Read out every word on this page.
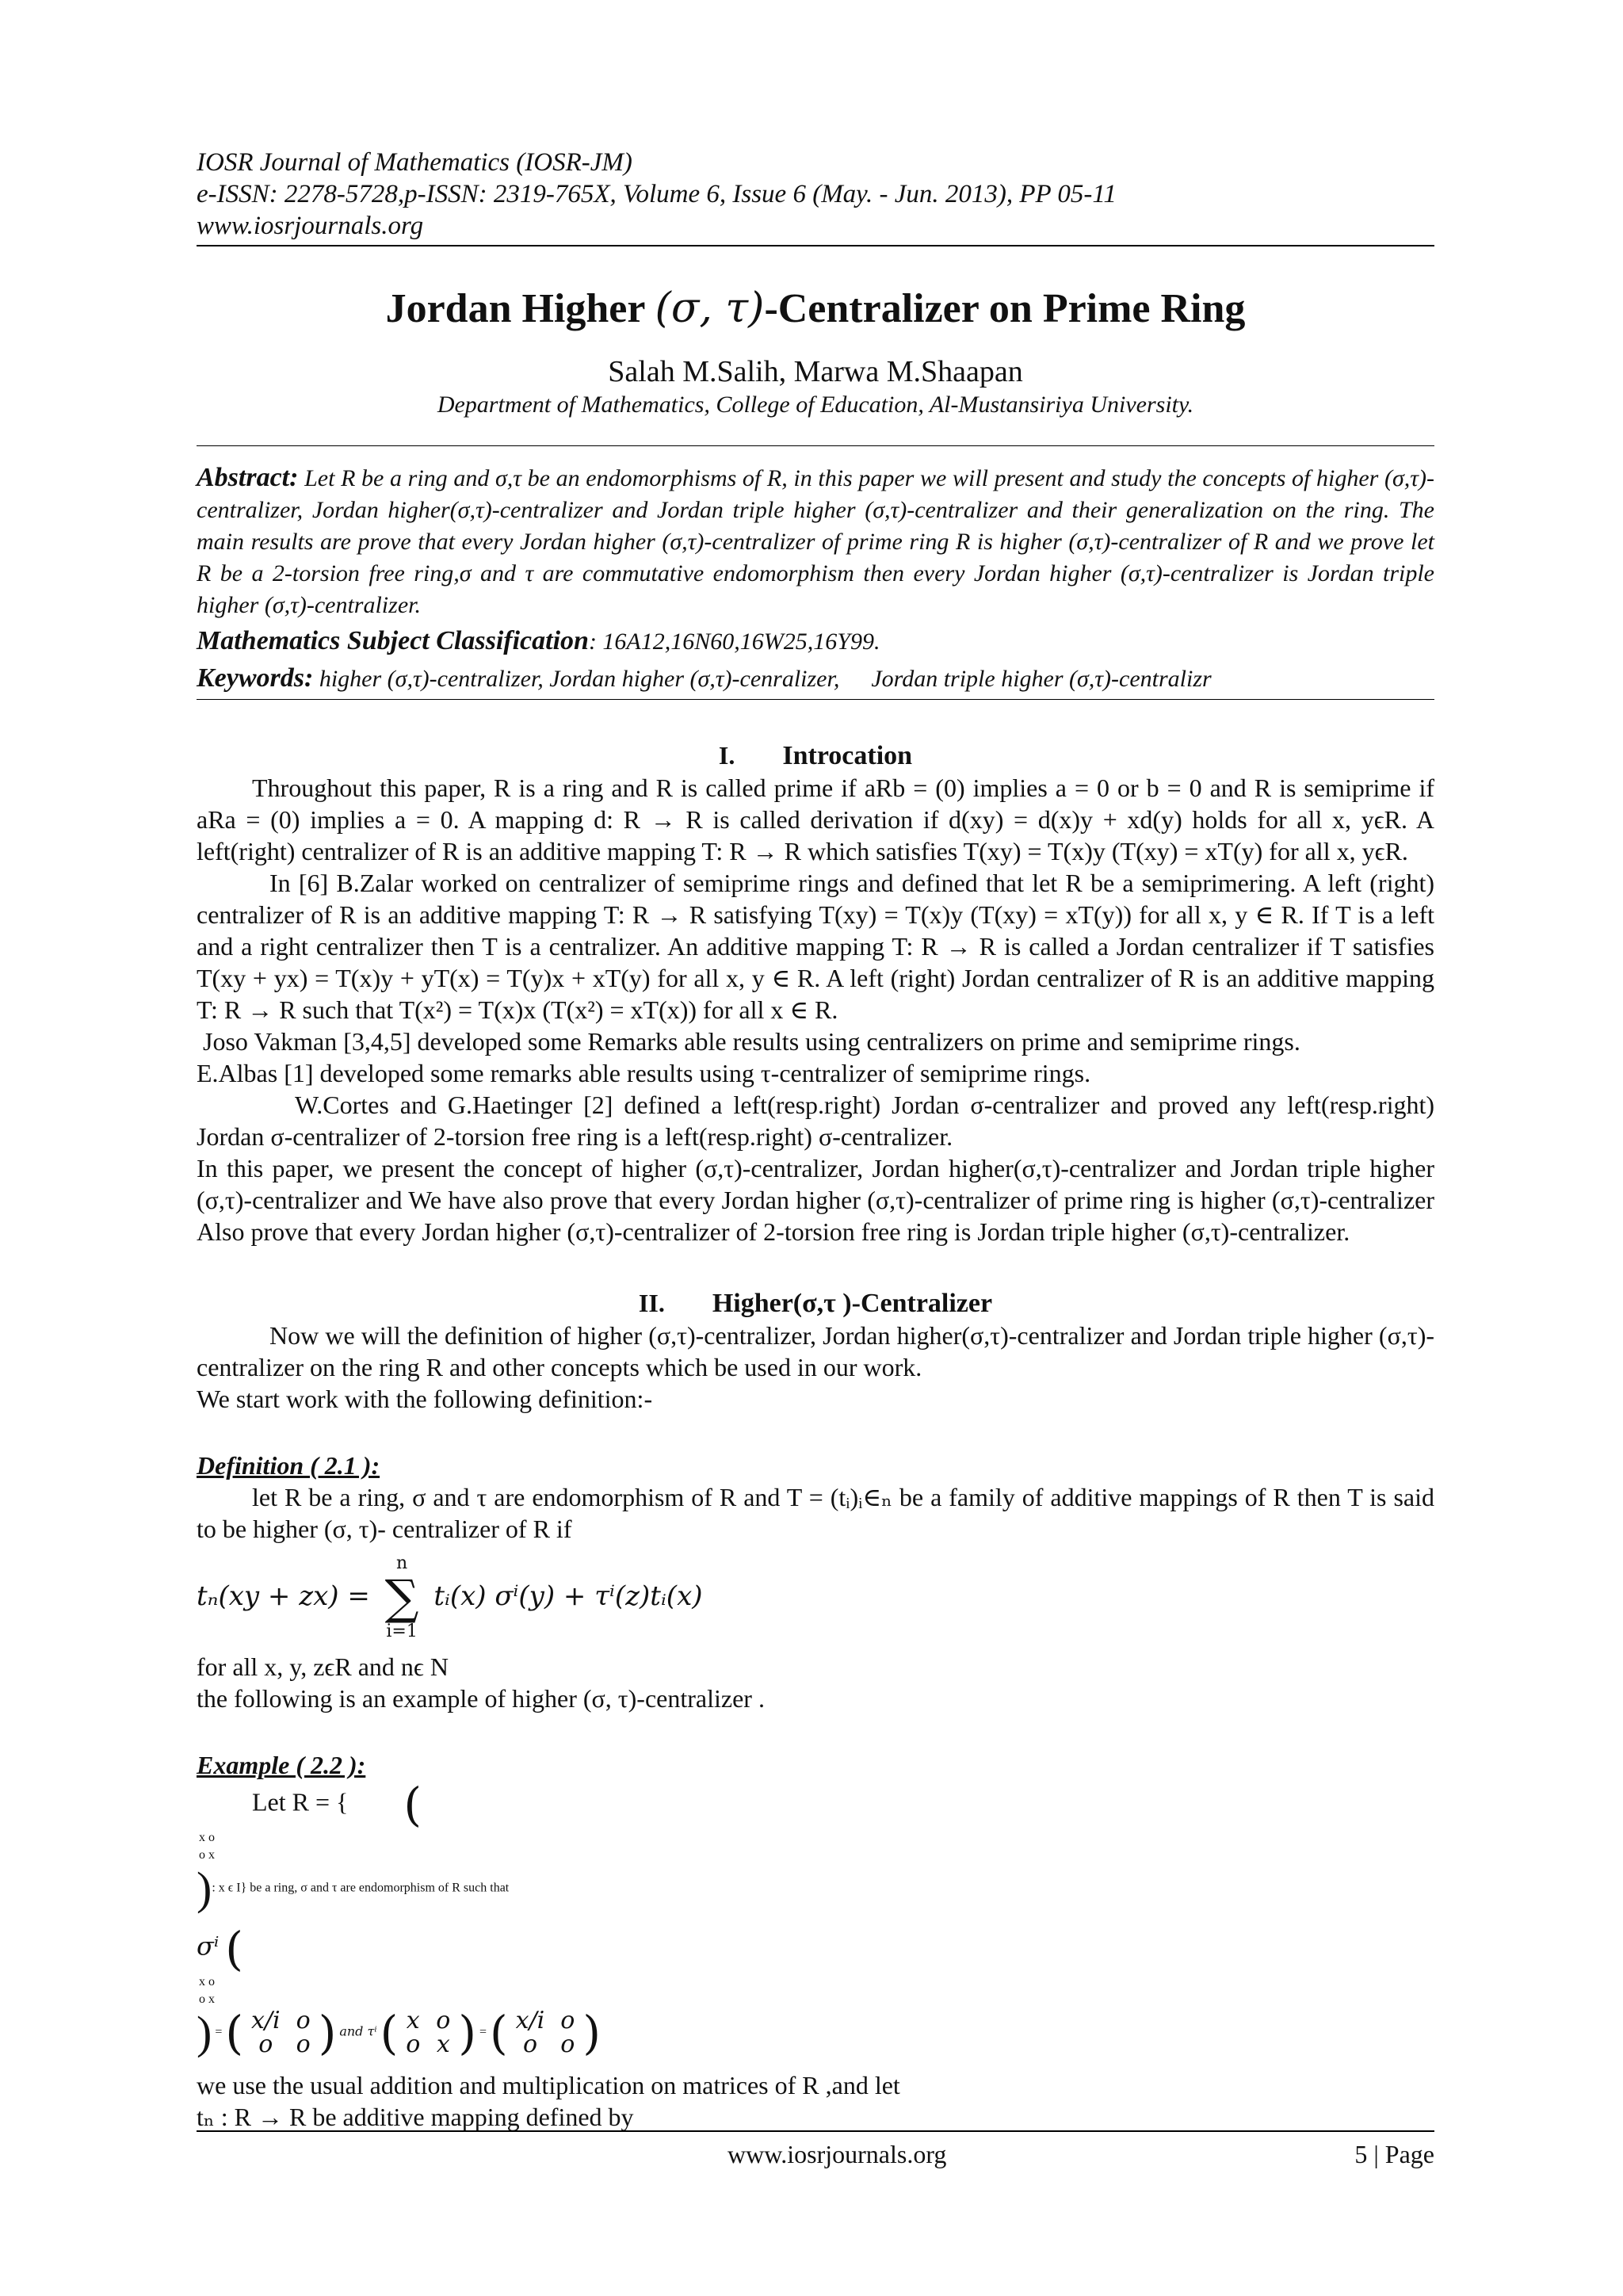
IOSR Journal of Mathematics (IOSR-JM)
e-ISSN: 2278-5728,p-ISSN: 2319-765X, Volume 6, Issue 6 (May. - Jun. 2013), PP 05-11
www.iosrjournals.org
Jordan Higher (σ, τ)-Centralizer on Prime Ring
Salah M.Salih, Marwa M.Shaapan
Department of Mathematics, College of Education, Al-Mustansiriya University.

Abstract: Let R be a ring and σ,τ be an endomorphisms of R, in this paper we will present and study the concepts of higher (σ,τ)-centralizer, Jordan higher(σ,τ)-centralizer and Jordan triple higher (σ,τ)-centralizer and their generalization on the ring. The main results are prove that every Jordan higher (σ,τ)-centralizer of prime ring R is higher (σ,τ)-centralizer of R and we prove let R be a 2-torsion free ring,σ and τ are commutative endomorphism then every Jordan higher (σ,τ)-centralizer is Jordan triple higher (σ,τ)-centralizer.

Mathematics Subject Classification: 16A12,16N60,16W25,16Y99.

Keywords: higher (σ,τ)-centralizer, Jordan higher (σ,τ)-cenralizer, Jordan triple higher (σ,τ)-centralizr

I. Introcation

Throughout this paper, R is a ring and R is called prime if aRb = (0) implies a = 0 or b = 0 and R is semiprime if aRa = (0) implies a = 0. A mapping d: R → R is called derivation if d(xy) = d(x)y + xd(y) holds for all x, yϵR. A left(right) centralizer of R is an additive mapping T: R → R which satisfies T(xy) = T(x)y (T(xy) = xT(y) for all x, yϵR.

In [6] B.Zalar worked on centralizer of semiprime rings and defined that let R be a semiprimering. A left (right) centralizer of R is an additive mapping T: R → R satisfying T(xy) = T(x)y (T(xy) = xT(y)) for all x, y ∈ R. If T is a left and a right centralizer then T is a centralizer. An additive mapping T: R → R is called a Jordan centralizer if T satisfies T(xy + yx) = T(x)y + yT(x) = T(y)x + xT(y) for all x, y ∈ R. A left (right) Jordan centralizer of R is an additive mapping T: R → R such that T(x²) = T(x)x (T(x²) = xT(x)) for all x ∈ R.

Joso Vakman [3,4,5] developed some Remarks able results using centralizers on prime and semiprime rings.

E.Albas [1] developed some remarks able results using τ-centralizer of semiprime rings.

W.Cortes and G.Haetinger [2] defined a left(resp.right) Jordan σ-centralizer and proved any left(resp.right) Jordan σ-centralizer of 2-torsion free ring is a left(resp.right) σ-centralizer.

In this paper, we present the concept of higher (σ,τ)-centralizer, Jordan higher(σ,τ)-centralizer and Jordan triple higher (σ,τ)-centralizer and We have also prove that every Jordan higher (σ,τ)-centralizer of prime ring is higher (σ,τ)-centralizer Also prove that every Jordan higher (σ,τ)-centralizer of 2-torsion free ring is Jordan triple higher (σ,τ)-centralizer.

II. Higher(σ,τ )-Centralizer

Now we will the definition of higher (σ,τ)-centralizer, Jordan higher(σ,τ)-centralizer and Jordan triple higher (σ,τ)-centralizer on the ring R and other concepts which be used in our work.

We start work with the following definition:-

Definition ( 2.1 ):

let R be a ring, σ and τ are endomorphism of R and T = (tᵢ)ᵢ∈ₙ be a family of additive mappings of R then T is said to be higher (σ, τ)- centralizer of R if

tₙ(xy + zx) =
n
∑
i=1
tᵢ(x) σⁱ(y) + τⁱ(z)tᵢ(x)

for all x, y, zϵR and nϵ N

the following is an example of higher (σ, τ)-centralizer .

Example ( 2.2 ):

Let R = { (

x	o
o	x
): x ϵ I} be a ring, σ and τ are endomorphism of R such that

σⁱ (

x	o
o	x
) = ( x/i	o
o	o ) and τⁱ ( x	o
o	x ) = ( x/i	o
o	o )

we use the usual addition and multiplication on matrices of R ,and let

tₙ : R → R be additive mapping defined by

www.iosrjournals.org	5 | Page
